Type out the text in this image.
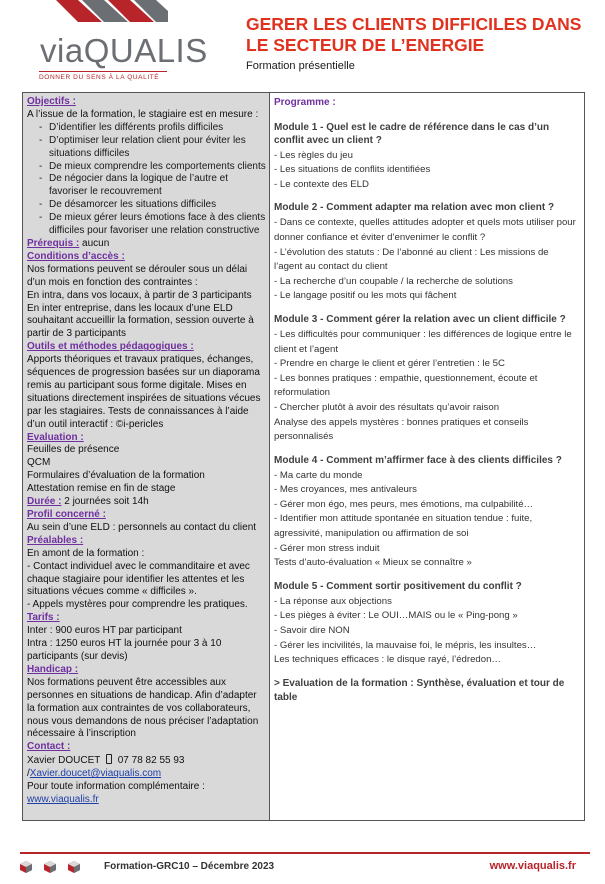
viaQUALIS
DONNER DU SENS À LA QUALITÉ
GERER LES CLIENTS DIFFICILES DANS LE SECTEUR DE L’ENERGIE
Formation présentielle
Objectifs :
A l’issue de la formation, le stagiaire est en mesure :
- D’identifier les différents profils difficiles
- D’optimiser leur relation client pour éviter les situations difficiles
- De mieux comprendre les comportements clients
- De négocier dans la logique de l’autre et favoriser le recouvrement
- De désamorcer les situations difficiles
- De mieux gérer leurs émotions face à des clients difficiles pour favoriser une relation constructive
Prérequis : aucun
Conditions d’accès :
Nos formations peuvent se dérouler sous un délai d’un mois en fonction des contraintes :
En intra, dans vos locaux, à partir de 3 participants
En inter entreprise, dans les locaux d’une ELD souhaitant accueillir la formation, session ouverte à partir de 3 participants
Outils et méthodes pédagogiques :
Apports théoriques et travaux pratiques, échanges, séquences de progression basées sur un diaporama remis au participant sous forme digitale. Mises en situations directement inspirées de situations vécues par les stagiaires. Tests de connaissances à l’aide d’un outil interactif : ©i-pericles
Evaluation :
Feuilles de présence
QCM
Formulaires d’évaluation de la formation
Attestation remise en fin de stage
Durée : 2 journées soit 14h
Profil concerné :
Au sein d’une ELD : personnels au contact du client
Préalables :
En amont de la formation :
- Contact individuel avec le commanditaire et avec chaque stagiaire pour identifier les attentes et les situations vécues comme « difficiles ».
- Appels mystères pour comprendre les pratiques.
Tarifs :
Inter : 900 euros HT par participant
Intra : 1250 euros HT la journée pour 3 à 10 participants (sur devis)
Handicap :
Nos formations peuvent être accessibles aux personnes en situations de handicap. Afin d’adapter la formation aux contraintes de vos collaborateurs, nous vous demandons de nous préciser l’adaptation nécessaire à l’inscription
Contact :
Xavier DOUCET 07 78 82 55 93
/Xavier.doucet@viaqualis.com
Pour toute information complémentaire :
www.viaqualis.fr
Programme :
Module 1 - Quel est le cadre de référence dans le cas d’un conflit avec un client ?
- Les règles du jeu
- Les situations de conflits identifiées
- Le contexte des ELD
Module 2 - Comment adapter ma relation avec mon client ?
- Dans ce contexte, quelles attitudes adopter et quels mots utiliser pour donner confiance et éviter d’envenimer le conflit ?
- L’évolution des statuts : De l’abonné au client : Les missions de l’agent au contact du client
- La recherche d’un coupable / la recherche de solutions
- Le langage positif ou les mots qui fâchent
Module 3 - Comment gérer la relation avec un client difficile ?
- Les difficultés pour communiquer : les différences de logique entre le client et l’agent
- Prendre en charge le client et gérer l’entretien : le 5C
- Les bonnes pratiques : empathie, questionnement, écoute et reformulation
- Chercher plutôt à avoir des résultats qu’avoir raison
Analyse des appels mystères : bonnes pratiques et conseils personnalisés
Module 4 - Comment m’affirmer face à des clients difficiles ?
- Ma carte du monde
- Mes croyances, mes antivaleurs
- Gérer mon égo, mes peurs, mes émotions, ma culpabilité…
- Identifier mon attitude spontanée en situation tendue : fuite, agressivité, manipulation ou affirmation de soi
- Gérer mon stress induit
Tests d’auto-évaluation « Mieux se connaître »
Module 5 - Comment sortir positivement du conflit ?
- La réponse aux objections
- Les pièges à éviter : Le OUI…MAIS ou le « Ping-pong »
- Savoir dire NON
- Gérer les incivilités, la mauvaise foi, le mépris, les insultes…
Les techniques efficaces : le disque rayé, l’édredon…
> Evaluation de la formation : Synthèse, évaluation et tour de table
Formation-GRC10 – Décembre 2023	www.viaqualis.fr
